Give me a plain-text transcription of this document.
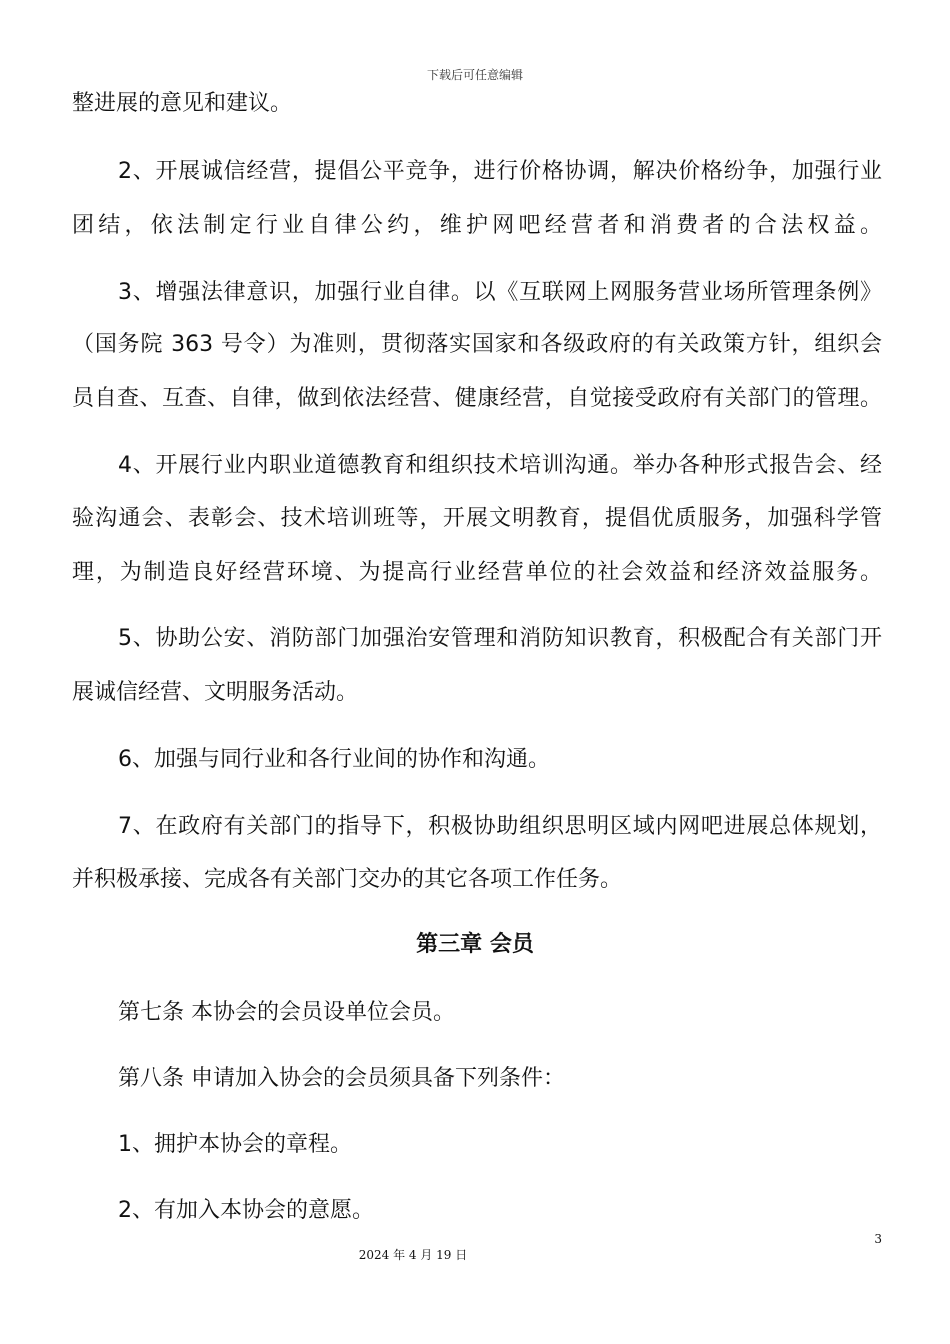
下载后可任意编辑
整进展的意见和建议。
2、开展诚信经营，提倡公平竞争，进行价格协调，解决价格纷争，加强行业
团结，依法制定行业自律公约，维护网吧经营者和消费者的合法权益。
3、增强法律意识，加强行业自律。以《互联网上网服务营业场所管理条例》
（国务院 363 号令）为准则，贯彻落实国家和各级政府的有关政策方针，组织会
员自查、互查、自律，做到依法经营、健康经营，自觉接受政府有关部门的管理。
4、开展行业内职业道德教育和组织技术培训沟通。举办各种形式报告会、经
验沟通会、表彰会、技术培训班等，开展文明教育，提倡优质服务，加强科学管
理，为制造良好经营环境、为提高行业经营单位的社会效益和经济效益服务。
5、协助公安、消防部门加强治安管理和消防知识教育，积极配合有关部门开
展诚信经营、文明服务活动。
6、加强与同行业和各行业间的协作和沟通。
7、在政府有关部门的指导下，积极协助组织思明区域内网吧进展总体规划，
并积极承接、完成各有关部门交办的其它各项工作任务。
第三章 会员
第七条 本协会的会员设单位会员。
第八条 申请加入协会的会员须具备下列条件：
1、拥护本协会的章程。
2、有加入本协会的意愿。
3
2024 年 4 月 19 日
